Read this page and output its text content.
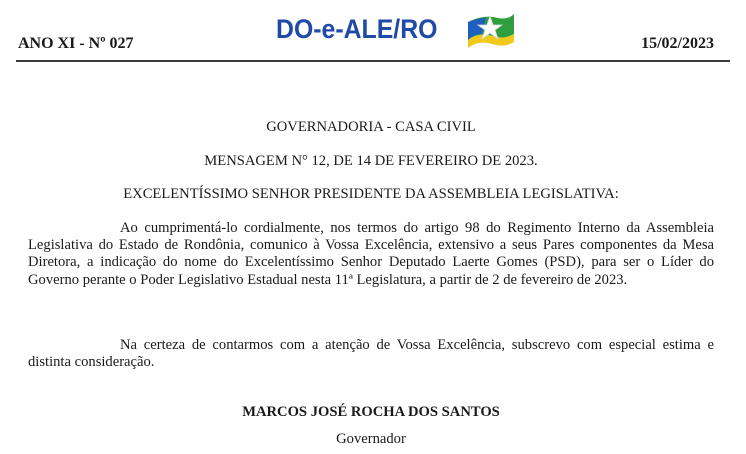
ANO XI - Nº 027	DO-e-ALE/RO	15/02/2023
GOVERNADORIA - CASA CIVIL
MENSAGEM N° 12, DE 14 DE FEVEREIRO DE 2023.
EXCELENTÍSSIMO SENHOR PRESIDENTE DA ASSEMBLEIA LEGISLATIVA:
Ao cumprimentá-lo cordialmente, nos termos do artigo 98 do Regimento Interno da Assembleia Legislativa do Estado de Rondônia, comunico à Vossa Excelência, extensivo a seus Pares componentes da Mesa Diretora, a indicação do nome do Excelentíssimo Senhor Deputado Laerte Gomes (PSD), para ser o Líder do Governo perante o Poder Legislativo Estadual nesta 11ª Legislatura, a partir de 2 de fevereiro de 2023.
Na certeza de contarmos com a atenção de Vossa Excelência, subscrevo com especial estima e distinta consideração.
MARCOS JOSÉ ROCHA DOS SANTOS
Governador
